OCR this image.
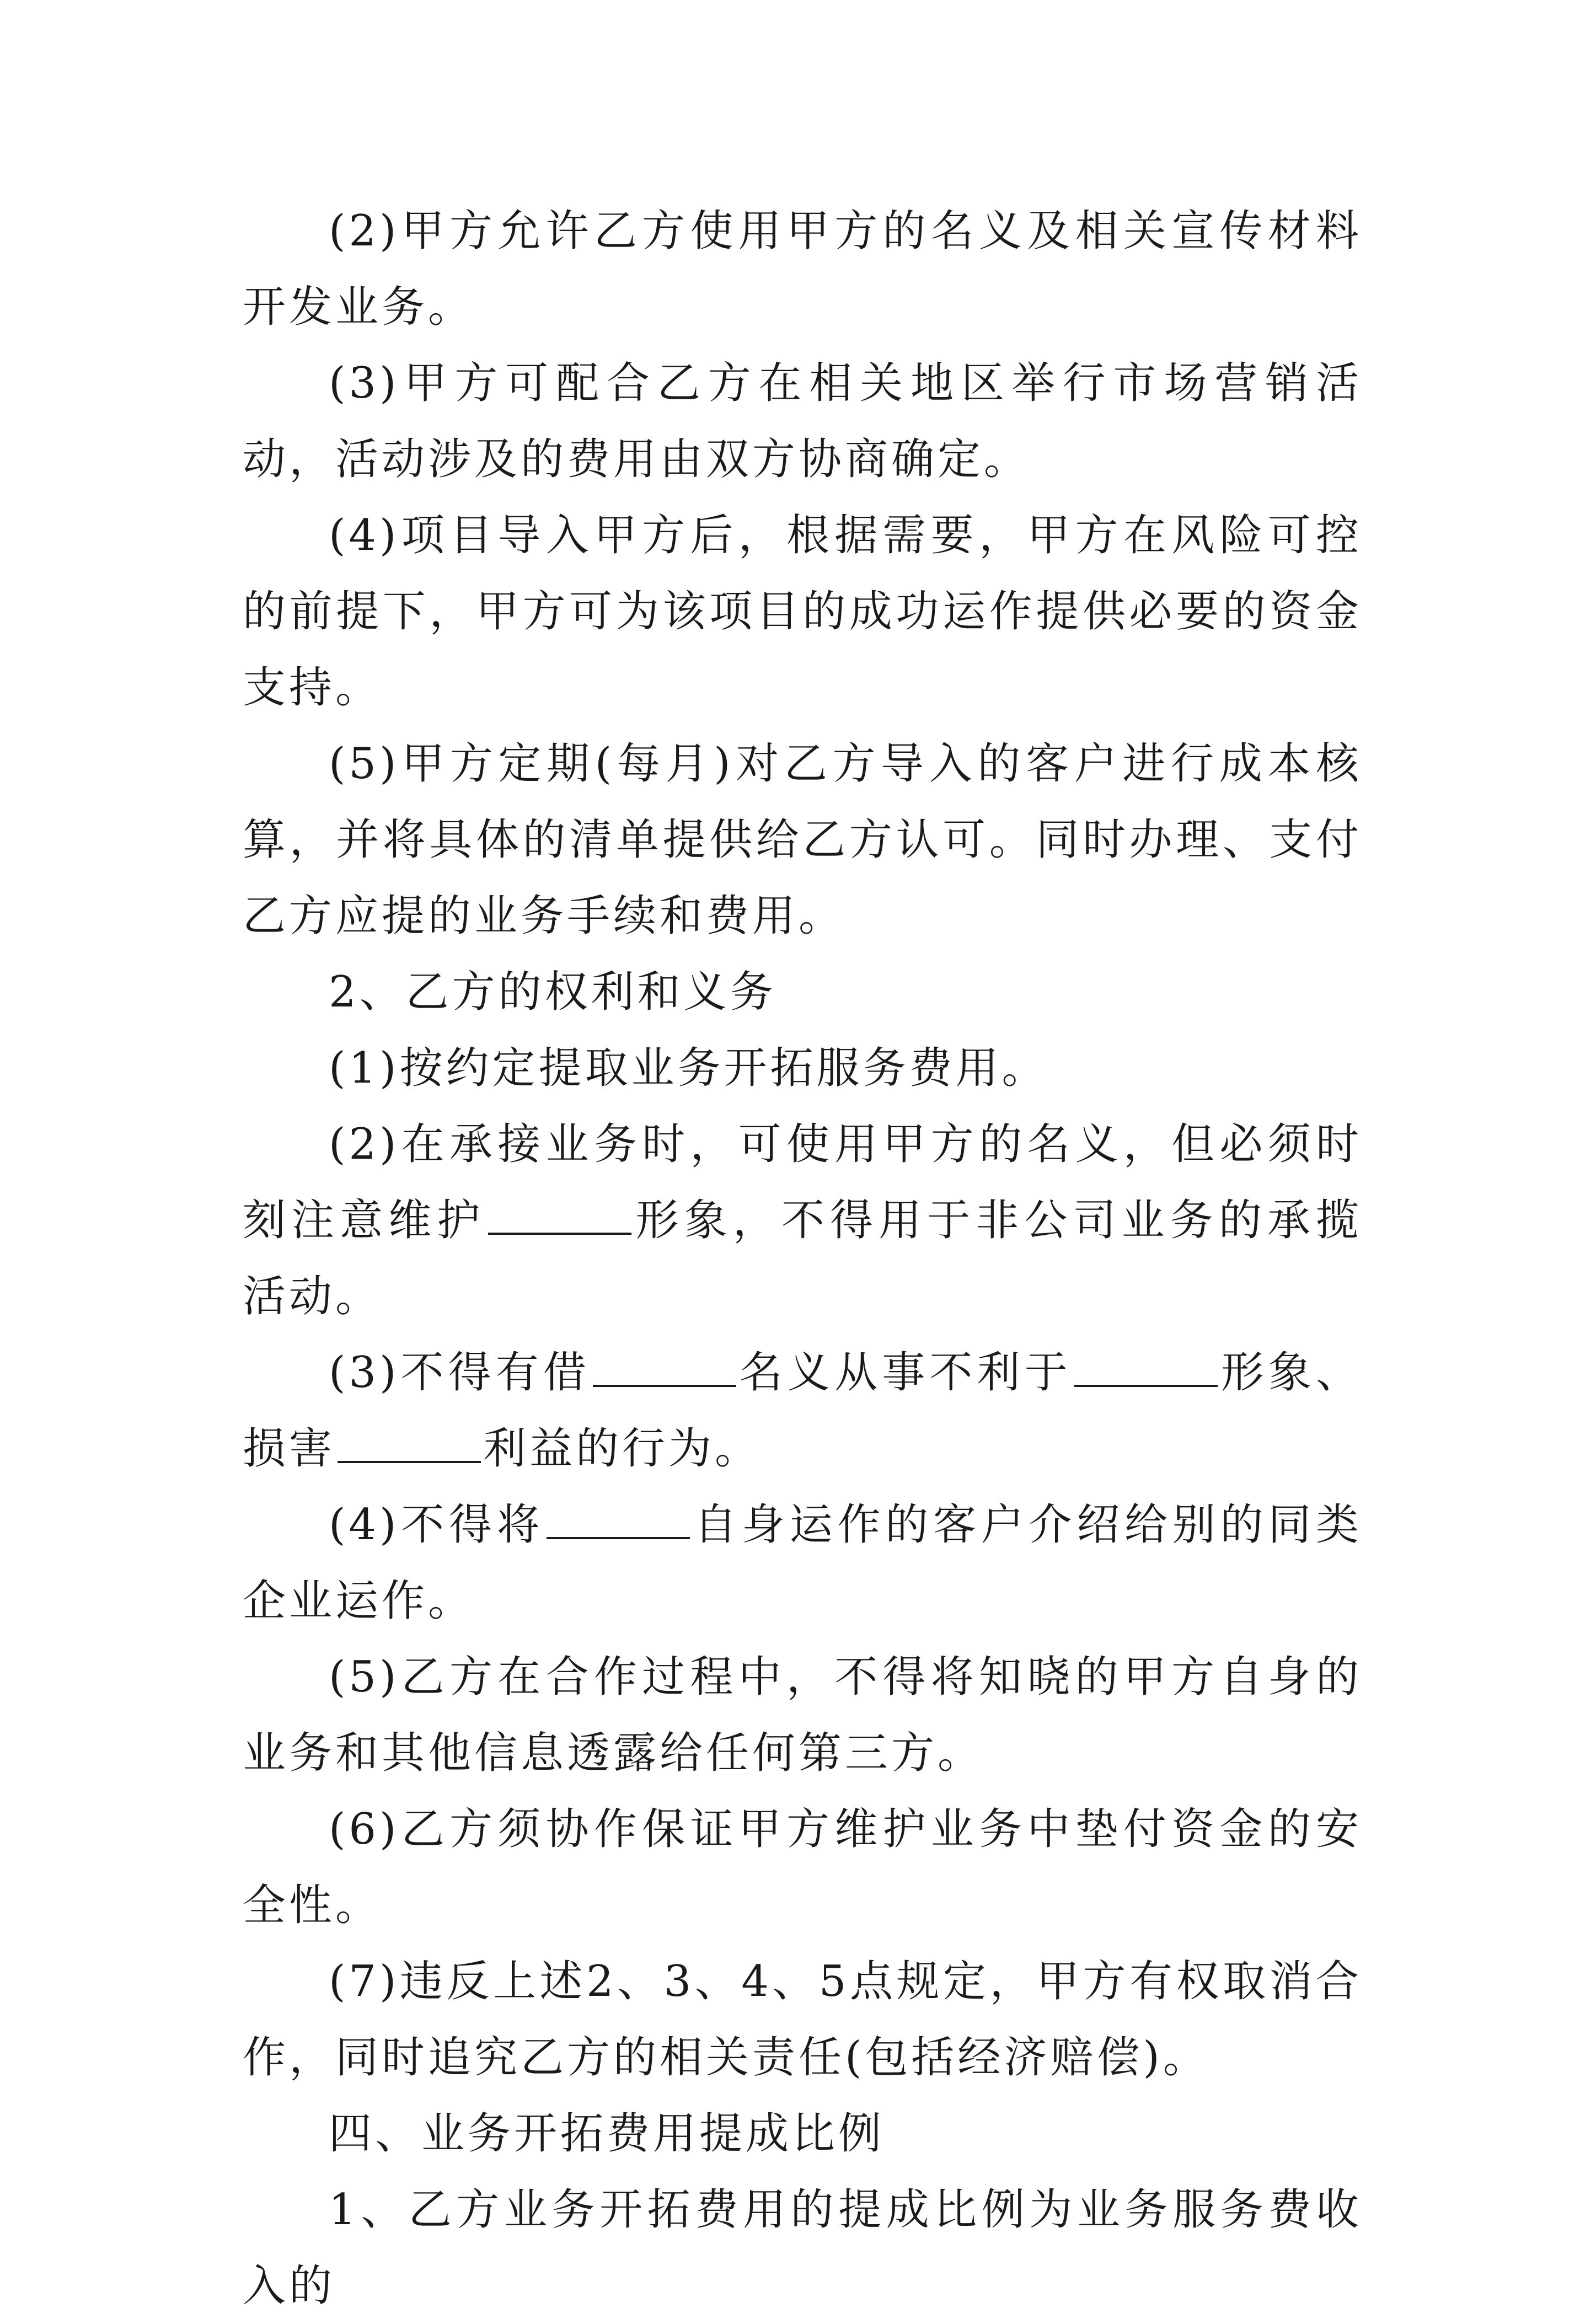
(2)甲方允许乙方使用甲方的名义及相关宣传材料开发业务。

(3)甲方可配合乙方在相关地区举行市场营销活动，活动涉及的费用由双方协商确定。

(4)项目导入甲方后，根据需要，甲方在风险可控的前提下，甲方可为该项目的成功运作提供必要的资金支持。

(5)甲方定期(每月)对乙方导入的客户进行成本核算，并将具体的清单提供给乙方认可。同时办理、支付乙方应提的业务手续和费用。

2、乙方的权利和义务

(1)按约定提取业务开拓服务费用。

(2)在承接业务时，可使用甲方的名义，但必须时刻注意维护	形象，不得用于非公司业务的承揽活动。

(3)不得有借	名义从事不利于	形象、损害	利益的行为。

(4)不得将	自身运作的客户介绍给别的同类企业运作。

(5)乙方在合作过程中，不得将知晓的甲方自身的业务和其他信息透露给任何第三方。

(6)乙方须协作保证甲方维护业务中垫付资金的安全性。

(7)违反上述2、3、4、5点规定，甲方有权取消合作，同时追究乙方的相关责任(包括经济赔偿)。

四、业务开拓费用提成比例

1、乙方业务开拓费用的提成比例为业务服务费收入的
